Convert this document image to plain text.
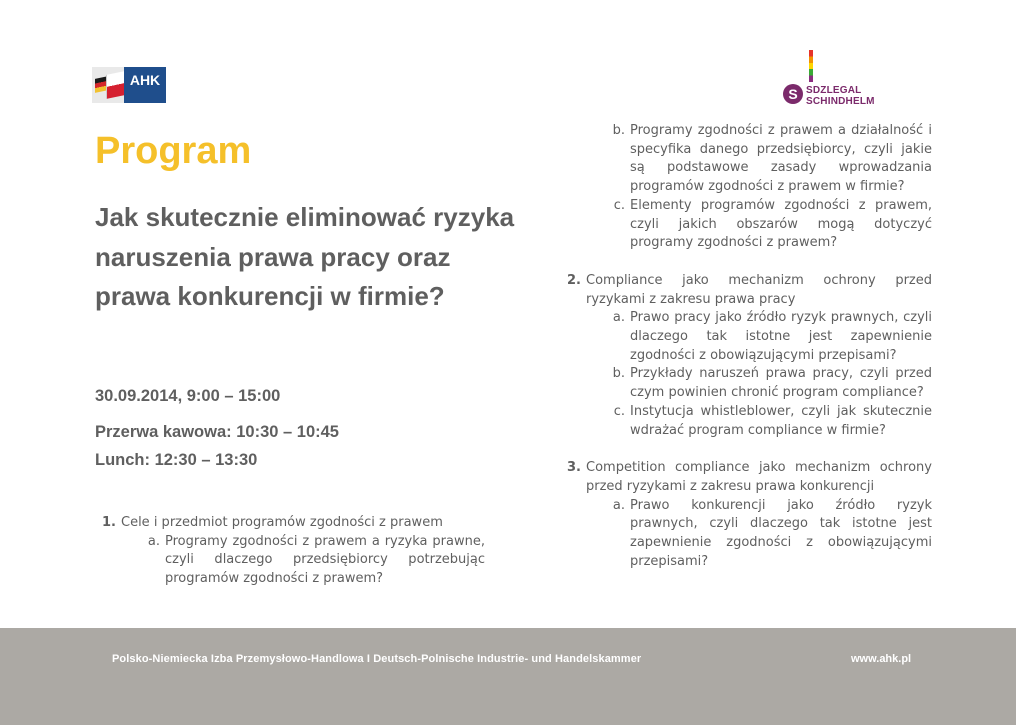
AHK
S SDZLEGAL
SCHINDHELM
Program
Jak skutecznie eliminować ryzyka naruszenia prawa pracy oraz prawa konkurencji w firmie?

30.09.2014, 9:00 – 15:00

Przerwa kawowa: 10:30 – 10:45

Lunch: 12:30 – 13:30

1. Cele i przedmiot programów zgodności z prawem
a. Programy zgodności z prawem a ryzyka prawne, czyli dlaczego przedsiębiorcy potrzebując programów zgodności z prawem?
b. Programy zgodności z prawem a działalność i specyfika danego przedsiębiorcy, czyli jakie są podstawowe zasady wprowadzania programów zgodności z prawem w firmie?
c. Elementy programów zgodności z prawem, czyli jakich obszarów mogą dotyczyć programy zgodności z prawem?
2. Compliance jako mechanizm ochrony przed ryzykami z zakresu prawa pracy
a. Prawo pracy jako źródło ryzyk prawnych, czyli dlaczego tak istotne jest zapewnienie zgodności z obowiązującymi przepisami?
b. Przykłady naruszeń prawa pracy, czyli przed czym powinien chronić program compliance?
c. Instytucja whistleblower, czyli jak skutecznie wdrażać program compliance w firmie?
3. Competition compliance jako mechanizm ochrony przed ryzykami z zakresu prawa konkurencji
a. Prawo konkurencji jako źródło ryzyk prawnych, czyli dlaczego tak istotne jest zapewnienie zgodności z obowiązującymi przepisami?
Polsko-Niemiecka Izba Przemysłowo-Handlowa I Deutsch-Polnische Industrie- und Handelskammer	www.ahk.pl
